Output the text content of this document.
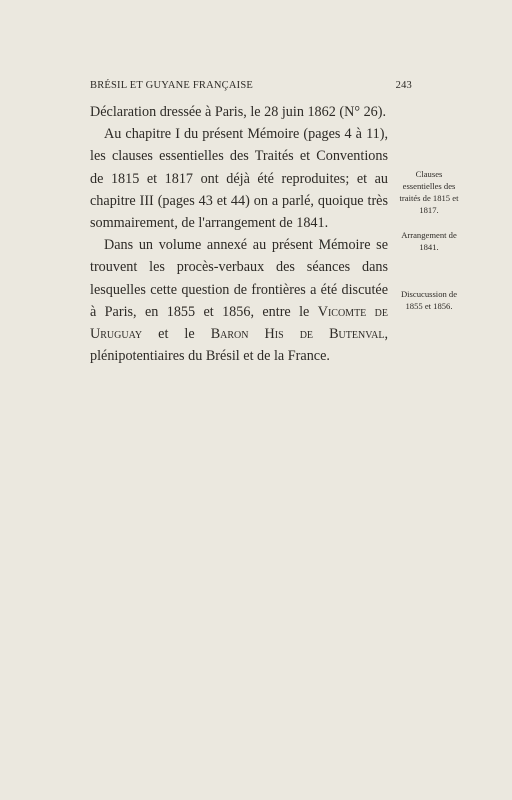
BRÉSIL ET GUYANE FRANÇAISE	243

Déclaration dressée à Paris, le 28 juin 1862 (N° 26).

Au chapitre I du présent Mémoire (pages 4 à 11), les clauses essentielles des Traités et Conventions de 1815 et 1817 ont déjà été reproduites; et au chapitre III (pages 43 et 44) on a parlé, quoique très sommairement, de l'arrangement de 1841.

Dans un volume annexé au présent Mémoire se trouvent les procès-verbaux des séances dans lesquelles cette question de frontières a été discutée à Paris, en 1855 et 1856, entre le Vicomte de Uruguay et le Baron His de Butenval, plénipotentiaires du Brésil et de la France.

Clauses essentielles des traités de 1815 et 1817.
Arrangement de 1841.
Discucussion de 1855 et 1856.
